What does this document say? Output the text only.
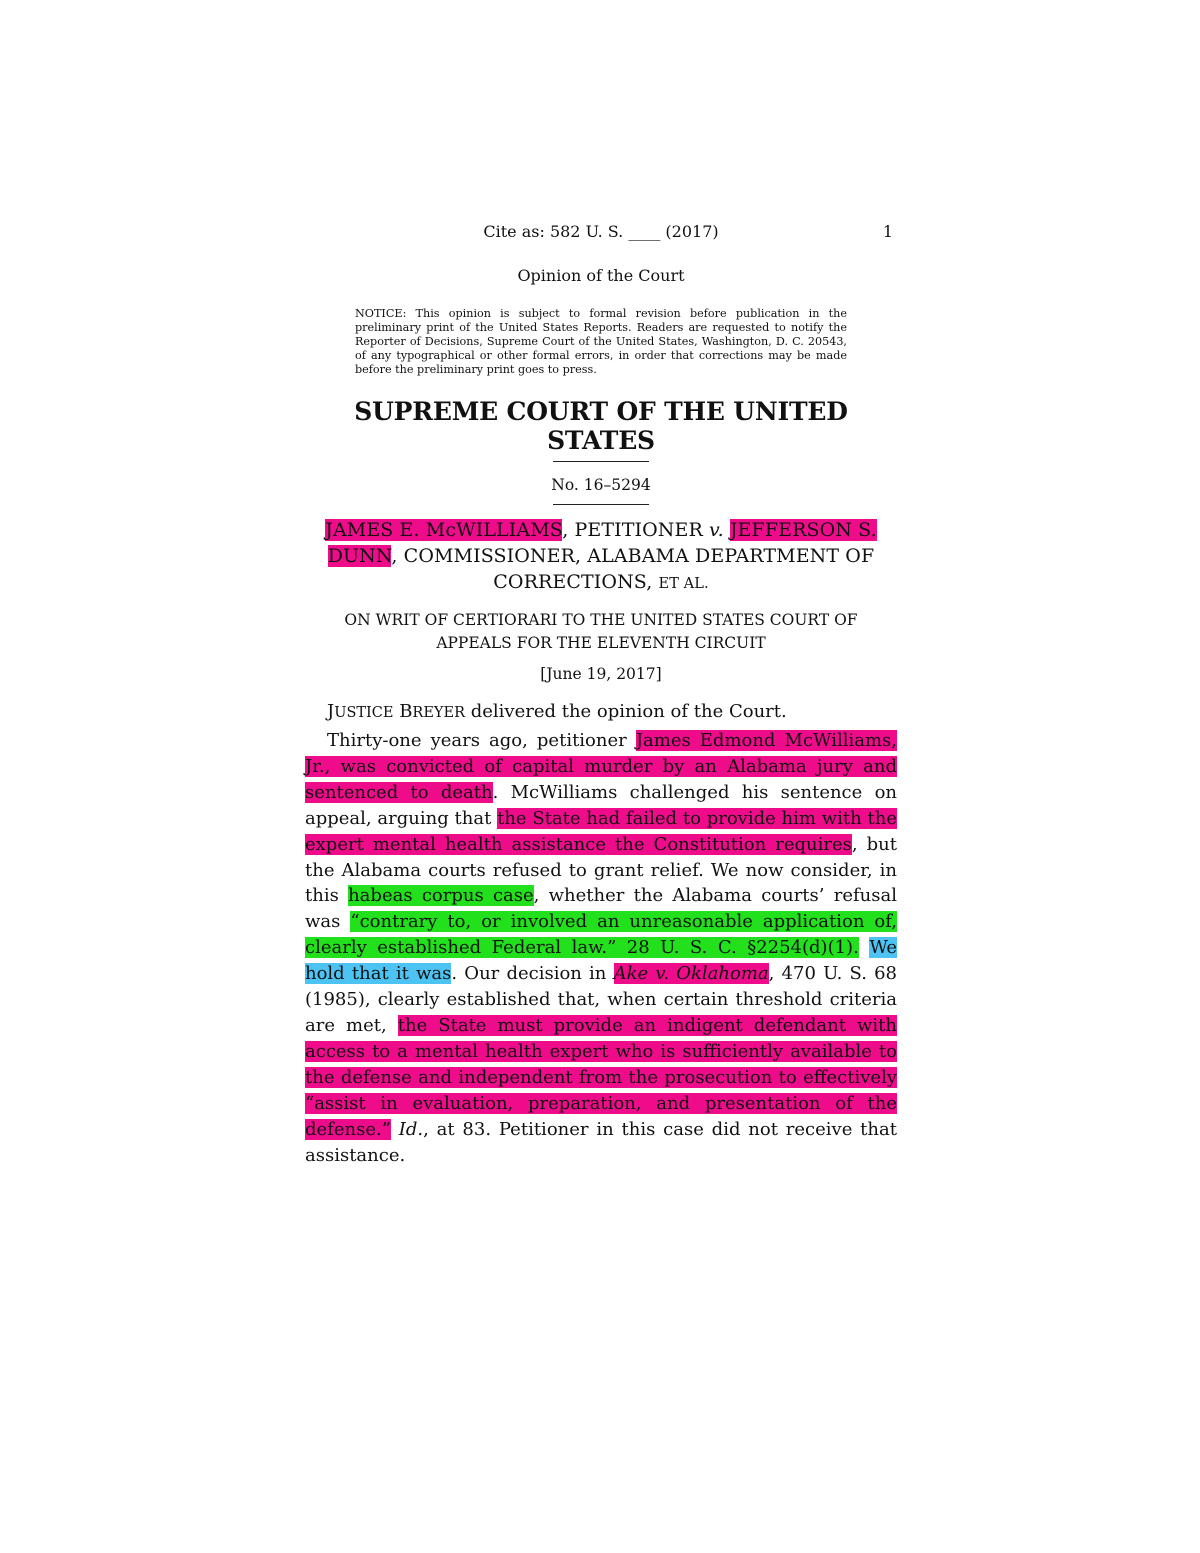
Cite as: 582 U. S. ____ (2017)	1
Opinion of the Court
NOTICE: This opinion is subject to formal revision before publication in the preliminary print of the United States Reports. Readers are requested to notify the Reporter of Decisions, Supreme Court of the United States, Washington, D. C. 20543, of any typographical or other formal errors, in order that corrections may be made before the preliminary print goes to press.
SUPREME COURT OF THE UNITED STATES
No. 16–5294
JAMES E. McWILLIAMS, PETITIONER v. JEFFERSON S. DUNN, COMMISSIONER, ALABAMA DEPARTMENT OF CORRECTIONS, ET AL.
ON WRIT OF CERTIORARI TO THE UNITED STATES COURT OF APPEALS FOR THE ELEVENTH CIRCUIT
[June 19, 2017]
JUSTICE BREYER delivered the opinion of the Court.
Thirty-one years ago, petitioner James Edmond McWilliams, Jr., was convicted of capital murder by an Alabama jury and sentenced to death. McWilliams challenged his sentence on appeal, arguing that the State had failed to provide him with the expert mental health assistance the Constitution requires, but the Alabama courts refused to grant relief. We now consider, in this habeas corpus case, whether the Alabama courts’ refusal was “contrary to, or involved an unreasonable application of, clearly established Federal law.” 28 U. S. C. §2254(d)(1). We hold that it was. Our decision in Ake v. Oklahoma, 470 U. S. 68 (1985), clearly established that, when certain threshold criteria are met, the State must provide an indigent defendant with access to a mental health expert who is sufficiently available to the defense and independent from the prosecution to effectively “assist in evaluation, preparation, and presentation of the defense.” Id., at 83. Petitioner in this case did not receive that assistance.
